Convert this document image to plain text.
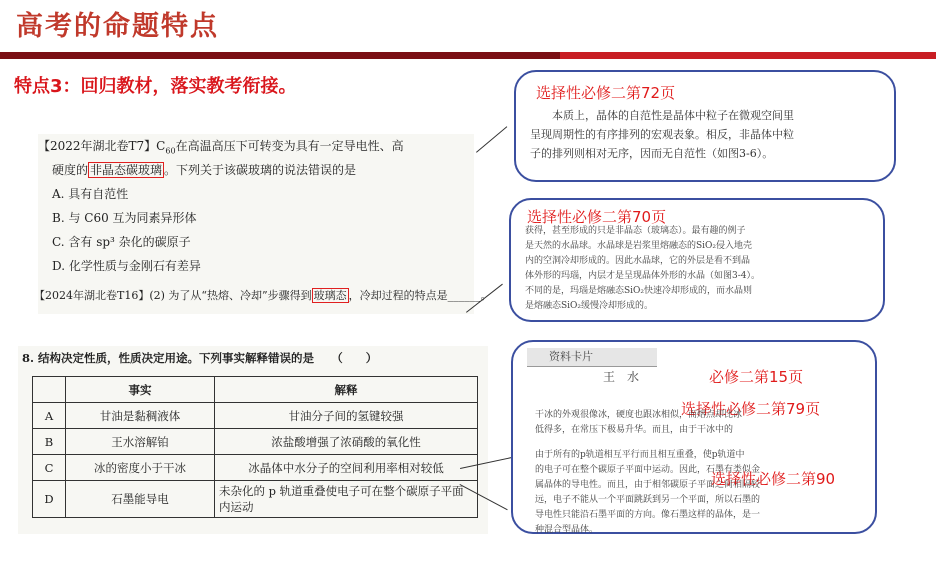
高考的命题特点
特点3：回归教材，落实教考衔接。
【2022年湖北卷T7】$C_{60}$在高温高压下可转变为具有一定导电性、高
硬度的 非晶态碳玻璃 。下列关于该碳玻璃的说法错误的是
A. 具有自范性
B. 与 C60 互为同素异形体
C. 含有 sp³ 杂化的碳原子
D. 化学性质与金刚石有差异
【2024年湖北卷T16】(2) 为了从“热熔、冷却”步骤得到 玻璃态 ，冷却过程的特点是______。
8. 结构决定性质，性质决定用途。下列事实解释错误的是　　（　　）
	事实	解释
A	甘油是黏稠液体	甘油分子间的氢键较强
B	王水溶解铂	浓盐酸增强了浓硝酸的氧化性
C	冰的密度小于干冰	冰晶体中水分子的空间利用率相对较低
D	石墨能导电	未杂化的 p 轨道重叠使电子可在整个碳原子平面内运动
选择性必修二第72页
本质上，晶体的自范性是晶体中粒子在微观空间里
呈现周期性的有序排列的宏观表象。相反，非晶体中粒
子的排列则相对无序，因而无自范性（如图3-6）。
选择性必修二第70页
获得，甚至形成的只是非晶态（玻璃态）。最有趣的例子
是天然的水晶球。水晶球是岩浆里熔融态的SiO₂侵入地壳
内的空洞冷却形成的。因此水晶球，它的外层是看不到晶
体外形的玛瑙，内层才是呈现晶体外形的水晶（如图3-4）。
不同的是，玛瑙是熔融态SiO₂快速冷却形成的，而水晶则
是熔融态SiO₂缓慢冷却形成的。
资料卡片
王　水	必修二第15页
选择性必修二第79页
干冰的外观很像冰，硬度也跟冰相似，而熔点却比冰
低得多，在常压下极易升华。而且，由于干冰中的
由于所有的p轨道相互平行而且相互重叠，使p轨道中
的电子可在整个碳原子平面中运动。因此，石墨有类似金
属晶体的导电性。而且，由于相邻碳原子平面之间相隔较
远，电子不能从一个平面跳跃到另一个平面，所以石墨的
导电性只能沿石墨平面的方向。像石墨这样的晶体，是一
种混合型晶体。
选择性必修二第90
